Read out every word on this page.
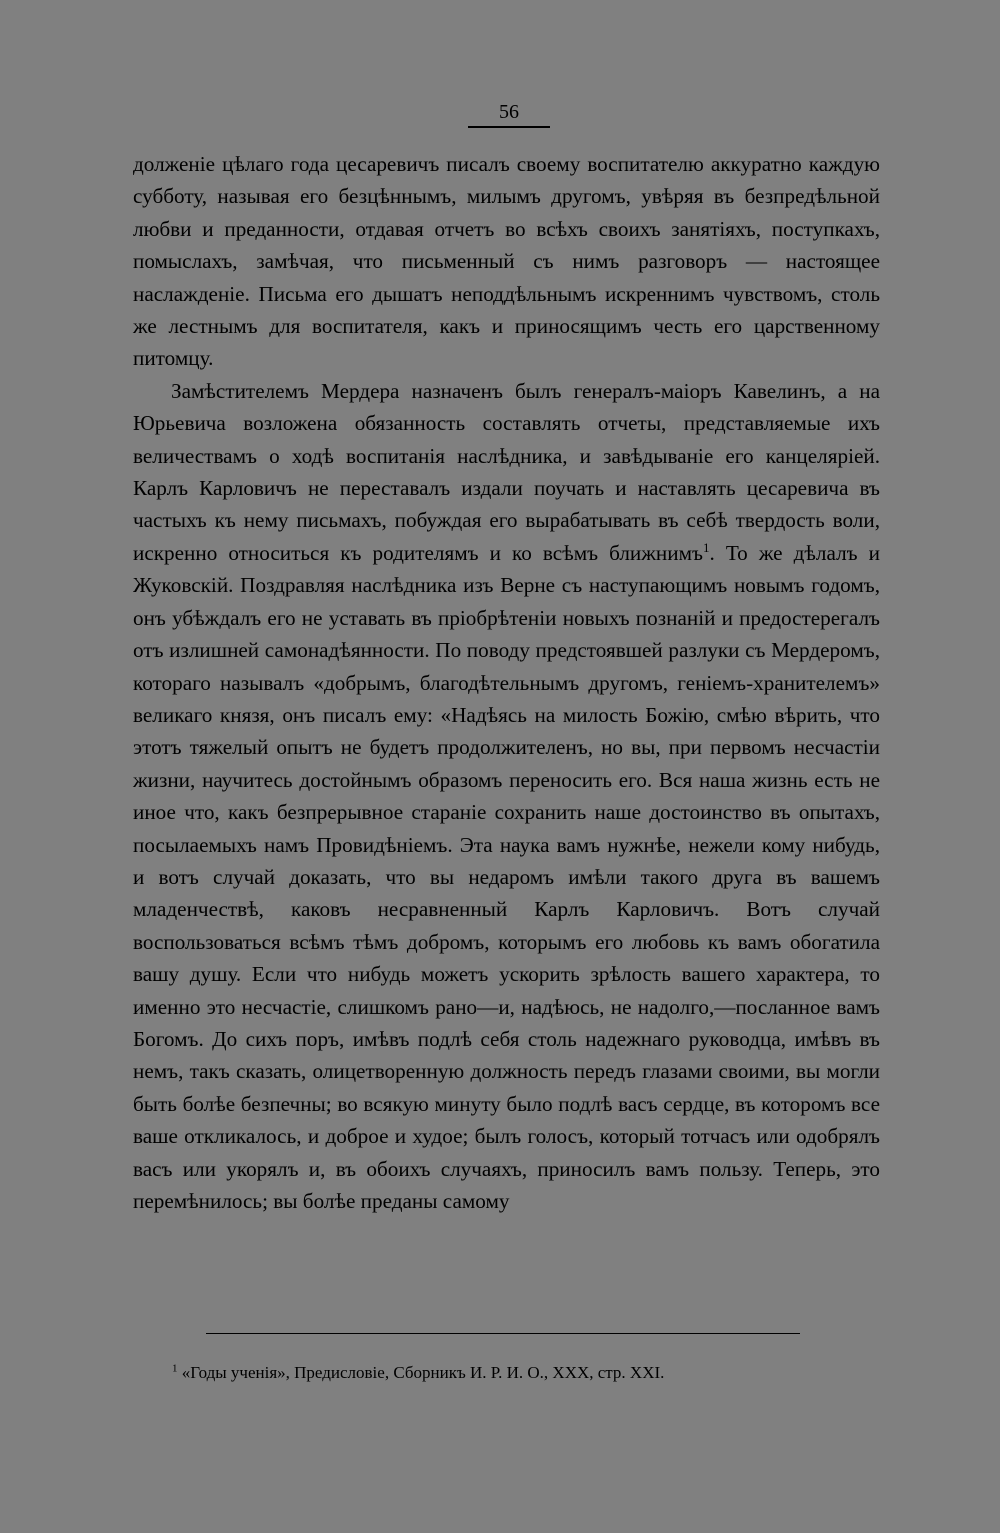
56

долженіе цѣлаго года цесаревичъ писалъ своему воспитателю аккуратно каждую субботу, называя его безцѣннымъ, милымъ другомъ, увѣряя въ безпредѣльной любви и преданности, отдавая отчетъ во всѣхъ своихъ занятіяхъ, поступкахъ, помыслахъ, замѣчая, что письменный съ нимъ разговоръ — настоящее наслажденіе. Письма его дышатъ неподдѣльнымъ искреннимъ чувствомъ, столь же лестнымъ для воспитателя, какъ и приносящимъ честь его царственному питомцу.

Замѣстителемъ Мердера назначенъ былъ генералъ-маіоръ Кавелинъ, а на Юрьевича возложена обязанность составлять отчеты, представляемые ихъ величествамъ о ходѣ воспитанія наслѣдника, и завѣдываніе его канцеляріей. Карлъ Карловичъ не переставалъ издали поучать и наставлять цесаревича въ частыхъ къ нему письмахъ, побуждая его вырабатывать въ себѣ твердость воли, искренно относиться къ родителямъ и ко всѣмъ ближнимъ$^1$. То же дѣлалъ и Жуковскій. Поздравляя наслѣдника изъ Верне съ наступающимъ новымъ годомъ, онъ убѣждалъ его не уставать въ пріобрѣтеніи новыхъ познаній и предостерегалъ отъ излишней самонадѣянности. По поводу предстоявшей разлуки съ Мердеромъ, котораго называлъ «добрымъ, благодѣтельнымъ другомъ, геніемъ-хранителемъ» великаго князя, онъ писалъ ему: «Надѣясь на милость Божію, смѣю вѣрить, что этотъ тяжелый опытъ не будетъ продолжителенъ, но вы, при первомъ несчастіи жизни, научитесь достойнымъ образомъ переносить его. Вся наша жизнь есть не иное что, какъ безпрерывное стараніе сохранить наше достоинство въ опытахъ, посылаемыхъ намъ Провидѣніемъ. Эта наука вамъ нужнѣе, нежели кому нибудь, и вотъ случай доказать, что вы недаромъ имѣли такого друга въ вашемъ младенчествѣ, каковъ несравненный Карлъ Карловичъ. Вотъ случай воспользоваться всѣмъ тѣмъ добромъ, которымъ его любовь къ вамъ обогатила вашу душу. Если что нибудь можетъ ускорить зрѣлость вашего характера, то именно это несчастіе, слишкомъ рано—и, надѣюсь, не надолго,—посланное вамъ Богомъ. До сихъ поръ, имѣвъ подлѣ себя столь надежнаго руководца, имѣвъ въ немъ, такъ сказать, олицетворенную должность передъ глазами своими, вы могли быть болѣе безпечны; во всякую минуту было подлѣ васъ сердце, въ которомъ все ваше откликалось, и доброе и худое; былъ голосъ, который тотчасъ или одобрялъ васъ или укорялъ и, въ обоихъ случаяхъ, приносилъ вамъ пользу. Теперь, это перемѣнилось; вы болѣе преданы самому

$^1$ «Годы ученія», Предисловіе, Сборникъ И. Р. И. О., XXX, стр. XXI.
